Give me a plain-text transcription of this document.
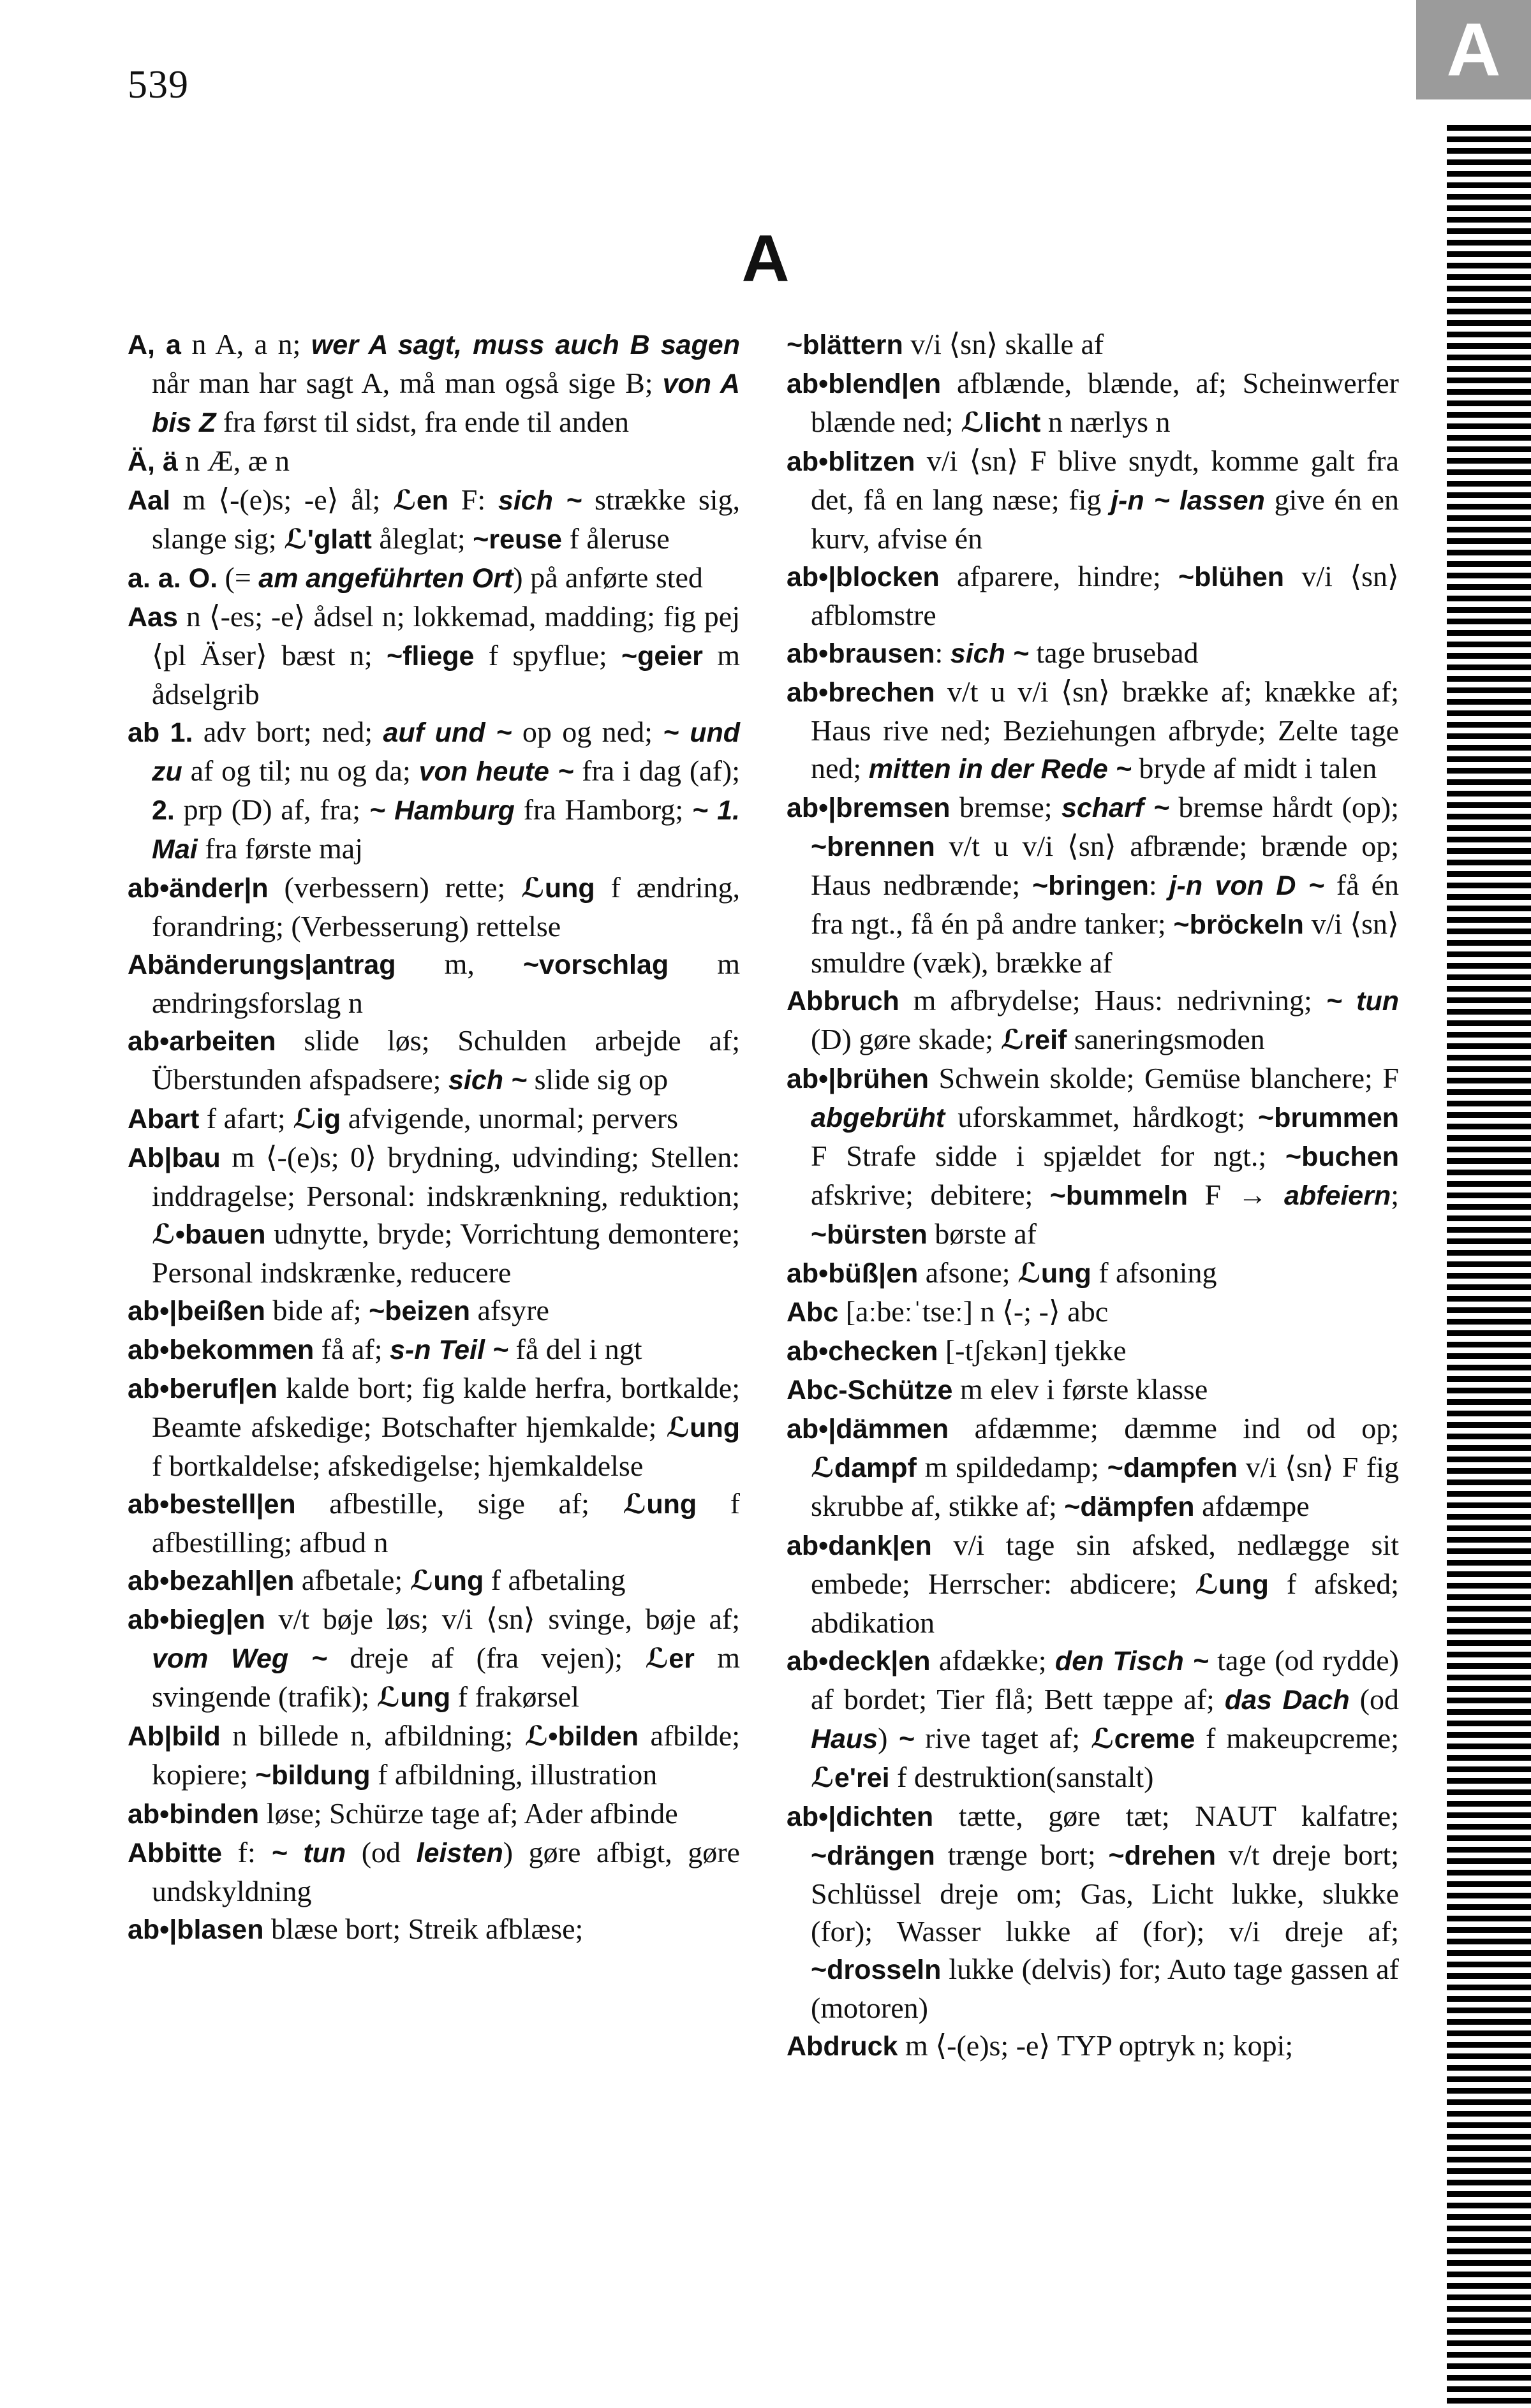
539	A
A
A, a n A, a n; wer A sagt, muss auch B sagen når man har sagt A, må man også sige B; von A bis Z fra først til sidst, fra ende til anden
Ä, ä n Æ, æ n
Aal m ⟨-(e)s; -e⟩ ål; ℒen F: sich ~ strække sig, slange sig; ℒ'glatt åleglat; ~reuse f åleruse
a. a. O. (= am angeführten Ort) på anførte sted
Aas n ⟨-es; -e⟩ ådsel n; lokkemad, madding; fig pej ⟨pl Äser⟩ bæst n; ~fliege f spyflue; ~geier m ådselgrib
ab 1. adv bort; ned; auf und ~ op og ned; ~ und zu af og til; nu og da; von heute ~ fra i dag (af); 2. prp (D) af, fra; ~ Hamburg fra Hamborg; ~ 1. Mai fra første maj
ab•änder|n (verbessern) rette; ℒung f ændring, forandring; (Verbesserung) rettelse
Abänderungs|antrag m, ~vorschlag m ændringsforslag n
ab•arbeiten slide løs; Schulden arbejde af; Überstunden afspadsere; sich ~ slide sig op
Abart f afart; ℒig afvigende, unormal; pervers
Ab|bau m ⟨-(e)s; 0⟩ brydning, udvinding; Stellen: inddragelse; Personal: indskrænkning, reduktion; ℒ•bauen udnytte, bryde; Vorrichtung demontere; Personal indskrænke, reducere
ab•|beißen bide af; ~beizen afsyre
ab•bekommen få af; s-n Teil ~ få del i ngt
ab•beruf|en kalde bort; fig kalde herfra, bortkalde; Beamte afskedige; Botschafter hjemkalde; ℒung f bortkaldelse; afskedigelse; hjemkaldelse
ab•bestell|en afbestille, sige af; ℒung f afbestilling; afbud n
ab•bezahl|en afbetale; ℒung f afbetaling
ab•bieg|en v/t bøje løs; v/i ⟨sn⟩ svinge, bøje af; vom Weg ~ dreje af (fra vejen); ℒer m svingende (trafik); ℒung f frakørsel
Ab|bild n billede n, afbildning; ℒ•bilden afbilde; kopiere; ~bildung f afbildning, illustration
ab•binden løse; Schürze tage af; Ader afbinde
Abbitte f: ~ tun (od leisten) gøre afbigt, gøre undskyldning
ab•|blasen blæse bort; Streik afblæse;
~blättern v/i ⟨sn⟩ skalle af
ab•blend|en afblænde, blænde, af; Scheinwerfer blænde ned; ℒlicht n nærlys n
ab•blitzen v/i ⟨sn⟩ F blive snydt, komme galt fra det, få en lang næse; fig j-n ~ lassen give én en kurv, afvise én
ab•|blocken afparere, hindre; ~blühen v/i ⟨sn⟩ afblomstre
ab•brausen: sich ~ tage brusebad
ab•brechen v/t u v/i ⟨sn⟩ brække af; knække af; Haus rive ned; Beziehungen afbryde; Zelte tage ned; mitten in der Rede ~ bryde af midt i talen
ab•|bremsen bremse; scharf ~ bremse hårdt (op); ~brennen v/t u v/i ⟨sn⟩ afbrænde; brænde op; Haus nedbrænde; ~bringen: j-n von D ~ få én fra ngt., få én på andre tanker; ~bröckeln v/i ⟨sn⟩ smuldre (væk), brække af
Abbruch m afbrydelse; Haus: nedrivning; ~ tun (D) gøre skade; ℒreif saneringsmoden
ab•|brühen Schwein skolde; Gemüse blanchere; F abgebrüht uforskammet, hårdkogt; ~brummen F Strafe sidde i spjældet for ngt.; ~buchen afskrive; debitere; ~bummeln F → abfeiern; ~bürsten børste af
ab•büß|en afsone; ℒung f afsoning
Abc [aːbeːˈtseː] n ⟨-; -⟩ abc
ab•checken [-tʃɛkən] tjekke
Abc-Schütze m elev i første klasse
ab•|dämmen afdæmme; dæmme ind od op; ℒdampf m spildedamp; ~dampfen v/i ⟨sn⟩ F fig skrubbe af, stikke af; ~dämpfen afdæmpe
ab•dank|en v/i tage sin afsked, nedlægge sit embede; Herrscher: abdicere; ℒung f afsked; abdikation
ab•deck|en afdække; den Tisch ~ tage (od rydde) af bordet; Tier flå; Bett tæppe af; das Dach (od Haus) ~ rive taget af; ℒcreme f makeupcreme; ℒe'rei f destruktion(sanstalt)
ab•|dichten tætte, gøre tæt; NAUT kalfatre; ~drängen trænge bort; ~drehen v/t dreje bort; Schlüssel dreje om; Gas, Licht lukke, slukke (for); Wasser lukke af (for); v/i dreje af; ~drosseln lukke (delvis) for; Auto tage gassen af (motoren)
Abdruck m ⟨-(e)s; -e⟩ TYP optryk n; kopi;
